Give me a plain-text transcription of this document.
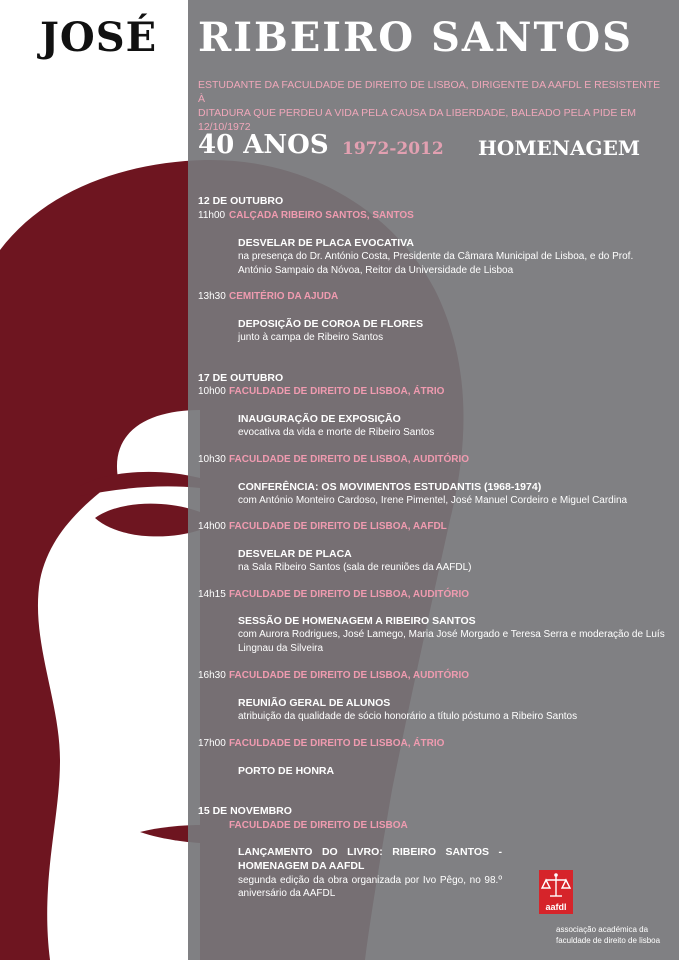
JOSÉ RIBEIRO SANTOS
ESTUDANTE DA FACULDADE DE DIREITO DE LISBOA, DIRIGENTE DA AAFDL E RESISTENTE À
DITADURA QUE PERDEU A VIDA PELA CAUSA DA LIBERDADE, BALEADO PELA PIDE EM 12/10/1972
40 ANOS 1972-2012 HOMENAGEM
12 DE OUTUBRO
11h00 CALÇADA RIBEIRO SANTOS, SANTOS
DESVELAR DE PLACA EVOCATIVA
na presença do Dr. António Costa, Presidente da Câmara Municipal de Lisboa, e do Prof. António Sampaio da Nóvoa, Reitor da Universidade de Lisboa
13h30 CEMITÉRIO DA AJUDA
DEPOSIÇÃO DE COROA DE FLORES
junto à campa de Ribeiro Santos
17 DE OUTUBRO
10h00 FACULDADE DE DIREITO DE LISBOA, ÁTRIO
INAUGURAÇÃO DE EXPOSIÇÃO
evocativa da vida e morte de Ribeiro Santos
10h30 FACULDADE DE DIREITO DE LISBOA, AUDITÓRIO
CONFERÊNCIA: OS MOVIMENTOS ESTUDANTIS (1968-1974)
com António Monteiro Cardoso, Irene Pimentel, José Manuel Cordeiro e Miguel Cardina
14h00 FACULDADE DE DIREITO DE LISBOA, AAFDL
DESVELAR DE PLACA
na Sala Ribeiro Santos (sala de reuniões da AAFDL)
14h15 FACULDADE DE DIREITO DE LISBOA, AUDITÓRIO
SESSÃO DE HOMENAGEM A RIBEIRO SANTOS
com Aurora Rodrigues, José Lamego, Maria José Morgado e Teresa Serra e moderação de Luís Lingnau da Silveira
16h30 FACULDADE DE DIREITO DE LISBOA, AUDITÓRIO
REUNIÃO GERAL DE ALUNOS
atribuição da qualidade de sócio honorário a título póstumo a Ribeiro Santos
17h00 FACULDADE DE DIREITO DE LISBOA, ÁTRIO
PORTO DE HONRA
15 DE NOVEMBRO
FACULDADE DE DIREITO DE LISBOA
LANÇAMENTO DO LIVRO: RIBEIRO SANTOS - HOMENAGEM DA AAFDL
segunda edição da obra organizada por Ivo Pêgo, no 98.º aniversário da AAFDL
aafdl
associação académica da
faculdade de direito de lisboa
